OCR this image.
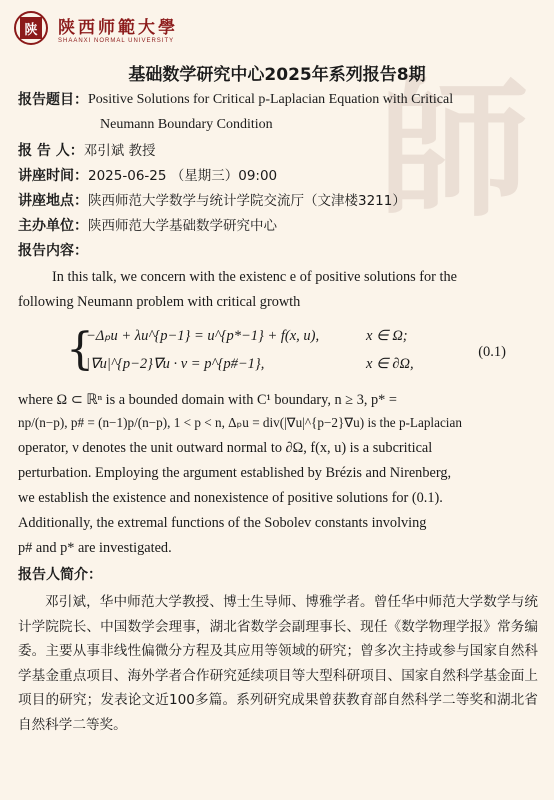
師
陕 陕西师範大學
SHAANXI NORMAL UNIVERSITY
基础数学研究中心2025年系列报告8期
报告题目： Positive Solutions for Critical p-Laplacian Equation with Critical
Neumann Boundary Condition
报 告 人： 邓引斌 教授
讲座时间： 2025-06-25 （星期三）09:00
讲座地点： 陕西师范大学数学与统计学院交流厅（文津楼3211）
主办单位： 陕西师范大学基础数学研究中心
报告内容：
In this talk, we concern with the existenc e of positive solutions for the
following Neumann problem with critical growth
{
−Δₚu + λu^{p−1} = u^{p*−1} + f(x, u),	x ∈ Ω;
|∇u|^{p−2}∇u · ν = p^{p#−1},	x ∈ ∂Ω,
(0.1)
where Ω ⊂ ℝⁿ is a bounded domain with C¹ boundary, n ≥ 3, p* =
np/(n−p), p# = (n−1)p/(n−p), 1 < p < n, Δₚu = div(|∇u|^{p−2}∇u) is the p-Laplacian
operator, ν denotes the unit outward normal to ∂Ω, f(x, u) is a subcritical
perturbation. Employing the argument established by Brézis and Nirenberg,
we establish the existence and nonexistence of positive solutions for (0.1).
Additionally, the extremal functions of the Sobolev constants involving
p# and p* are investigated.
报告人简介：
邓引斌，华中师范大学教授、博士生导师、博雅学者。曾任华中师范大学数学与统计学院院长、中国数学会理事，湖北省数学会副理事长、现任《数学物理学报》常务编委。主要从事非线性偏微分方程及其应用等领域的研究；曾多次主持或参与国家自然科学基金重点项目、海外学者合作研究延续项目等大型科研项目、国家自然科学基金面上项目的研究；发表论文近100多篇。系列研究成果曾获教育部自然科学二等奖和湖北省自然科学二等奖。
